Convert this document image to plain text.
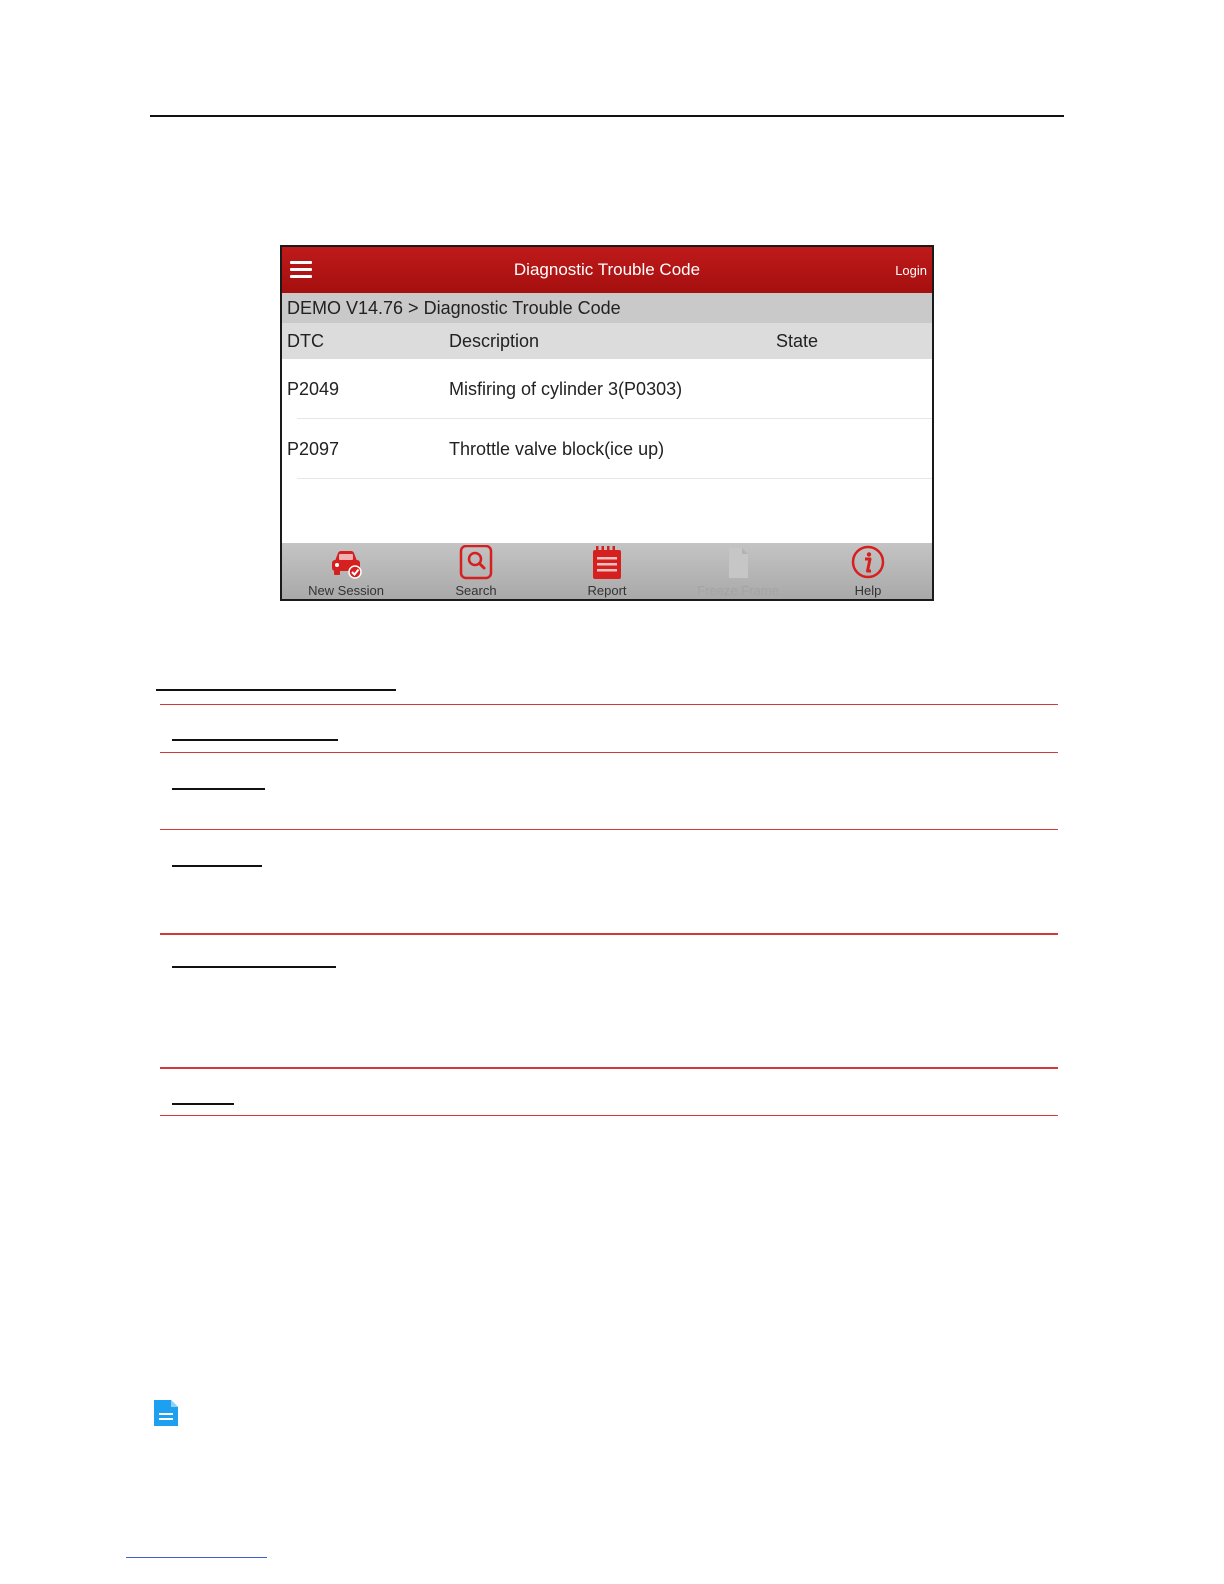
Diagnostic Trouble Code	Login
DEMO V14.76 > Diagnostic Trouble Code
DTC	Description	State
P2049	Misfiring of cylinder 3(P0303)
P2097	Throttle valve block(ice up)
New Session	Search	Report	Freeze Frame	Help
